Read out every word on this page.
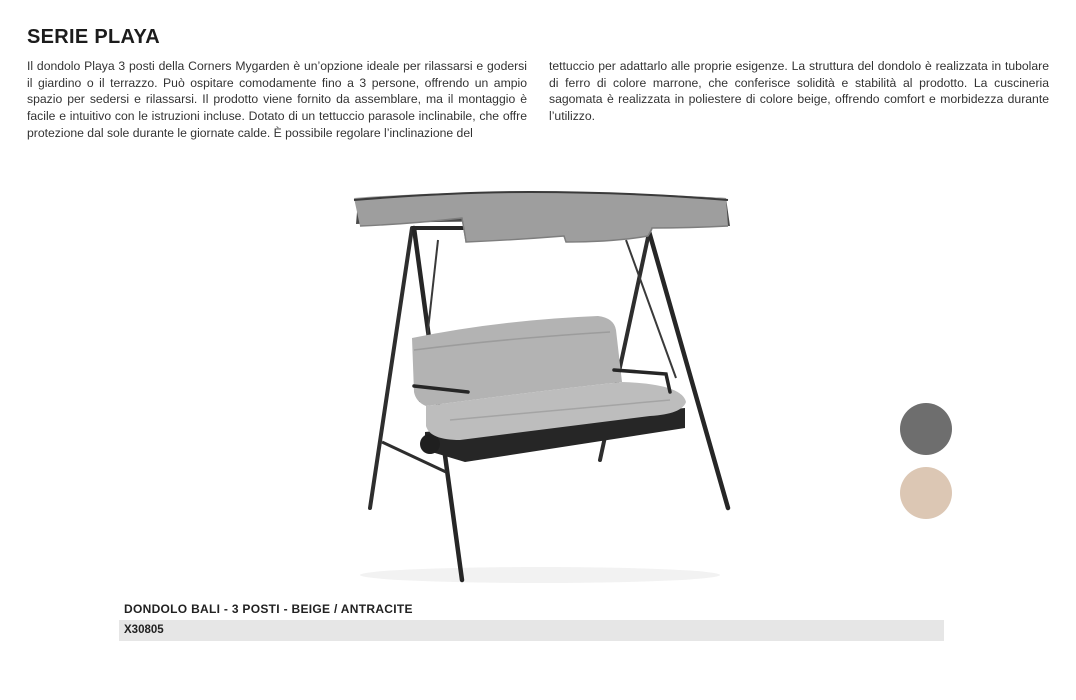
SERIE PLAYA

Il dondolo Playa 3 posti della Corners Mygarden è un’opzione ideale per rilassarsi e godersi il giardino o il terrazzo. Può ospitare comodamente fino a 3 persone, offrendo un ampio spazio per sedersi e rilassarsi. Il prodotto viene fornito da assemblare, ma il montaggio è facile e intuitivo con le istruzioni incluse. Dotato di un tettuccio parasole inclinabile, che offre protezione dal sole durante le giornate calde. È possibile regolare l’inclinazione del

tettuccio per adattarlo alle proprie esigenze. La struttura del dondolo è realizzata in tubolare di ferro di colore marrone, che conferisce solidità e stabilità al prodotto. La cuscineria sagomata è realizzata in poliestere di colore beige, offrendo comfort e morbidezza durante l’utilizzo.

DONDOLO BALI - 3 POSTI - BEIGE / ANTRACITE

X30805
